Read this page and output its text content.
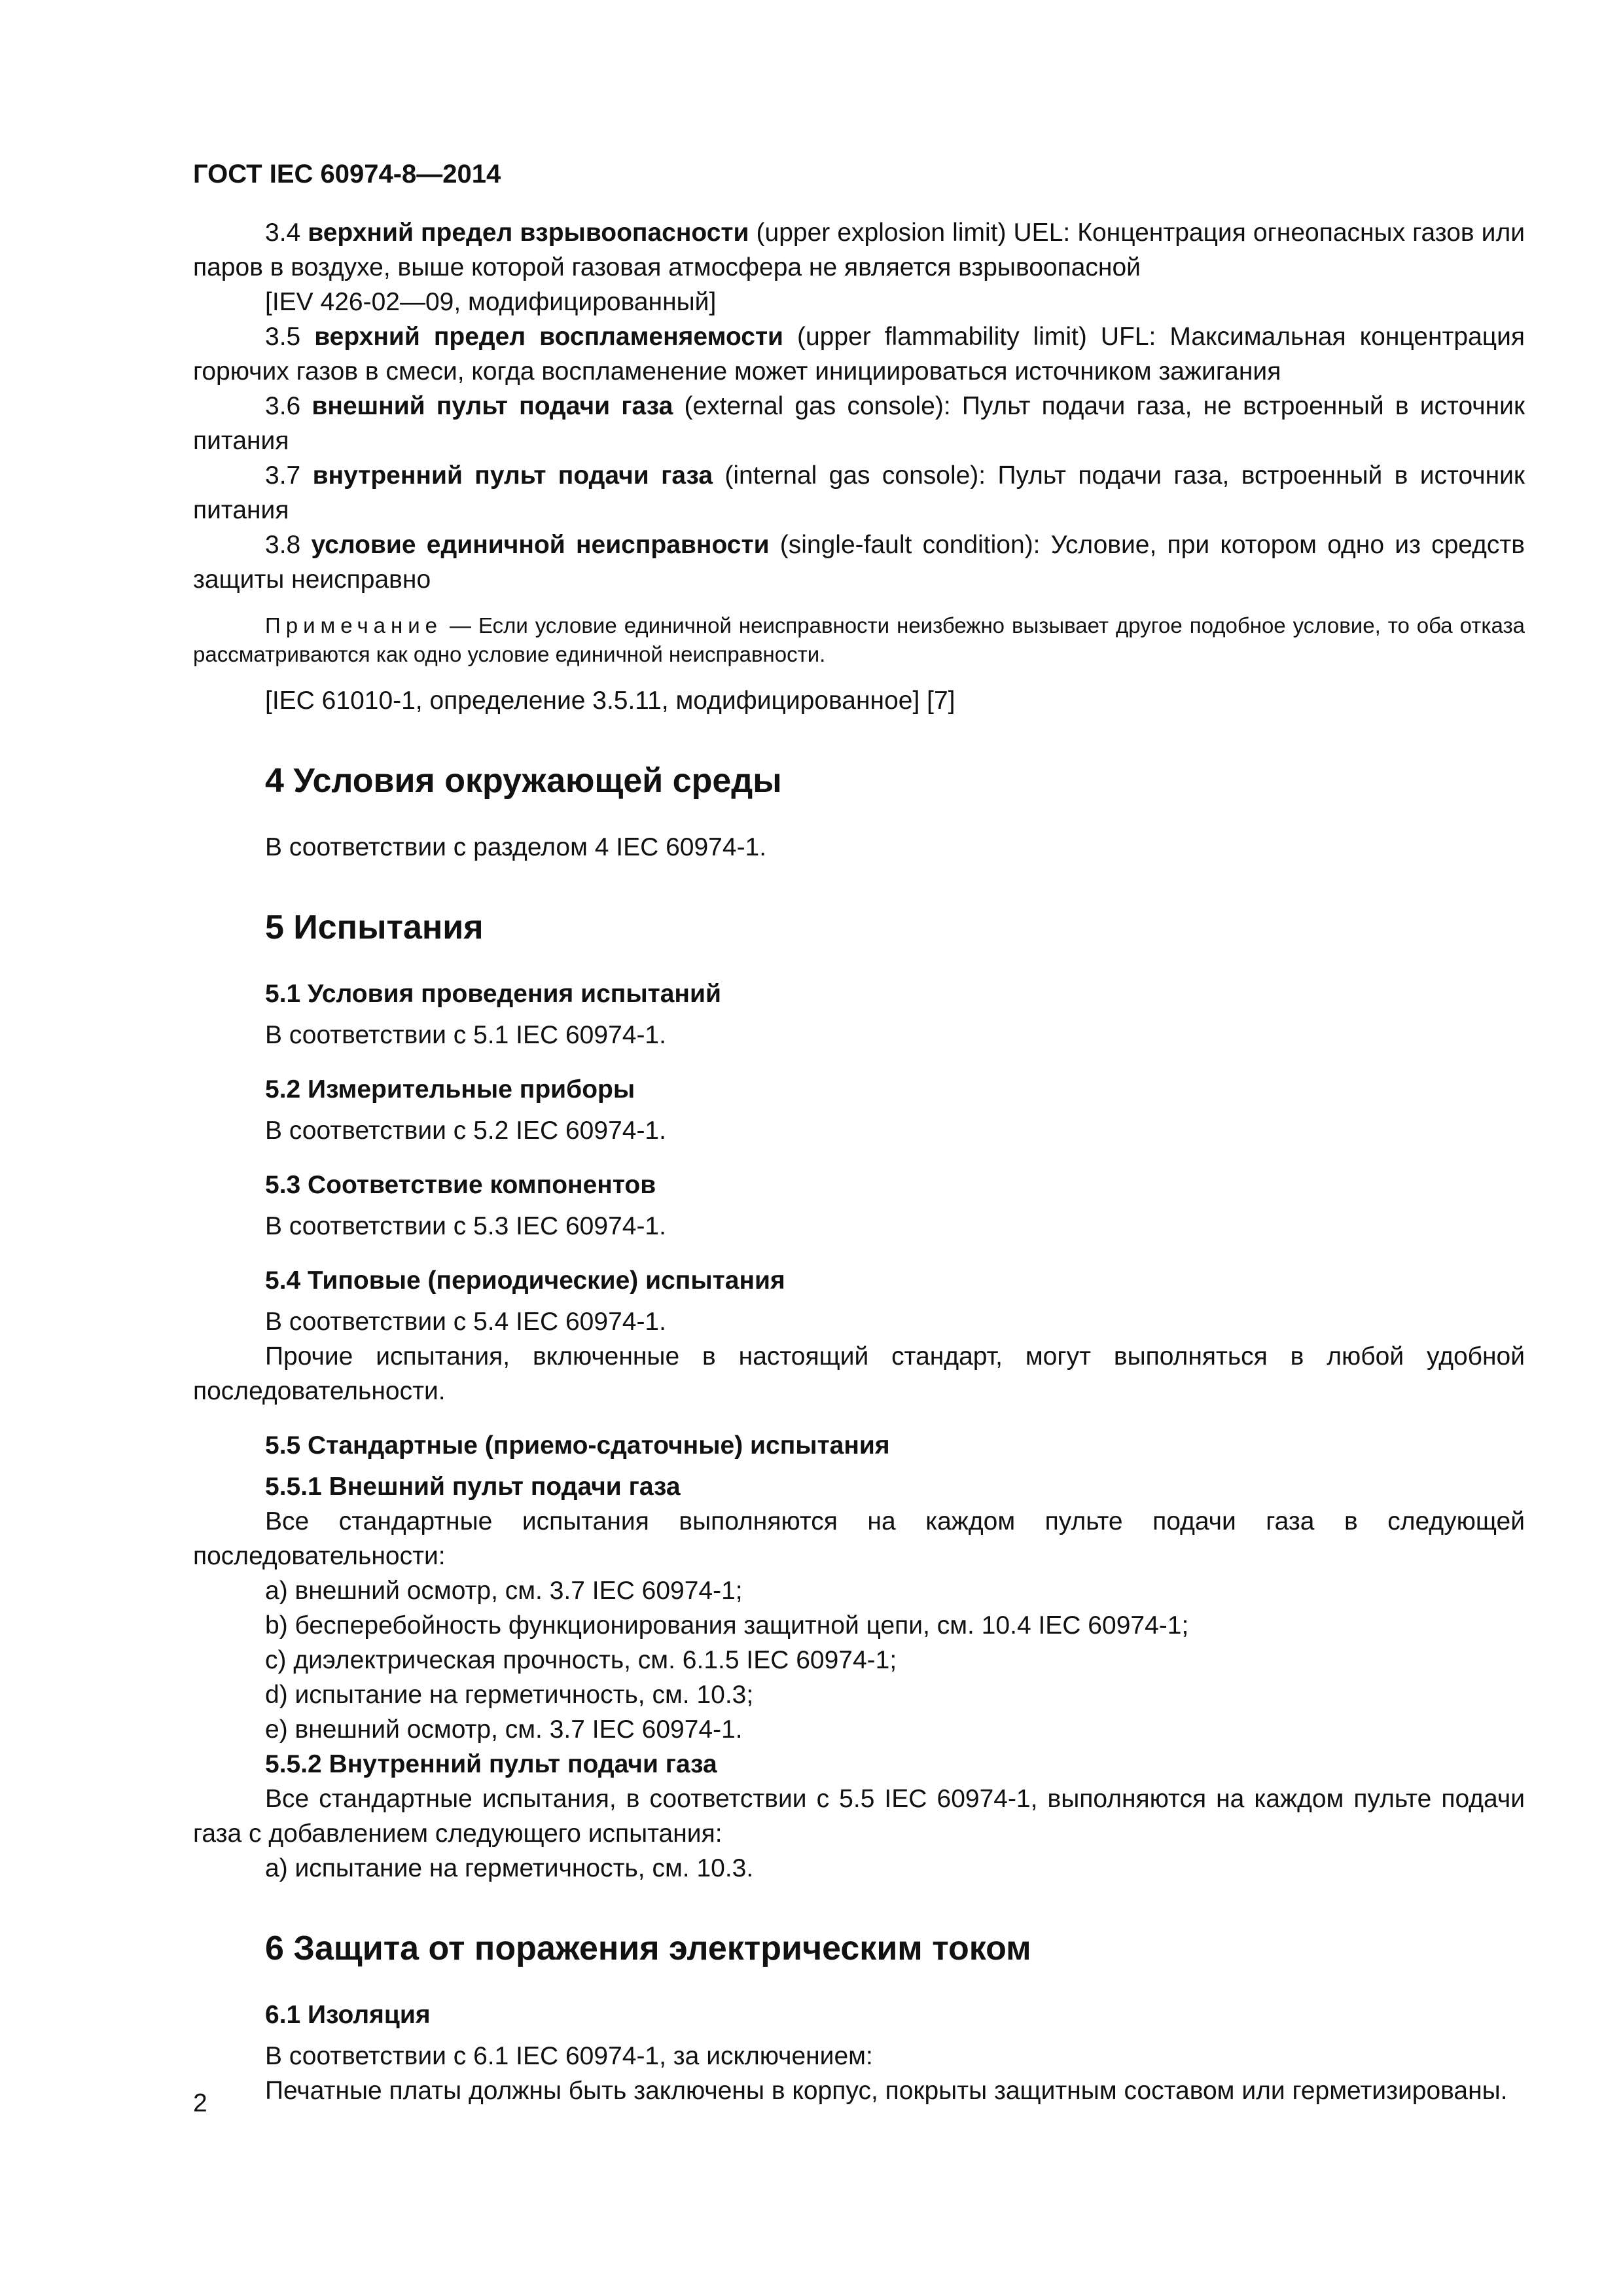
ГОСТ IEC 60974-8—2014

3.4 верхний предел взрывоопасности (upper explosion limit) UEL: Концентрация огнеопасных газов или паров в воздухе, выше которой газовая атмосфера не является взрывоопасной

[IEV 426-02—09, модифицированный]

3.5 верхний предел воспламеняемости (upper flammability limit) UFL: Максимальная концентрация горючих газов в смеси, когда воспламенение может инициироваться источником зажигания

3.6 внешний пульт подачи газа (external gas console): Пульт подачи газа, не встроенный в источник питания

3.7 внутренний пульт подачи газа (internal gas console): Пульт подачи газа, встроенный в источник питания

3.8 условие единичной неисправности (single-fault condition): Условие, при котором одно из средств защиты неисправно

Примечание — Если условие единичной неисправности неизбежно вызывает другое подобное условие, то оба отказа рассматриваются как одно условие единичной неисправности.

[IEC 61010-1, определение 3.5.11, модифицированное] [7]

4 Условия окружающей среды

В соответствии с разделом 4 IEC 60974-1.

5 Испытания
5.1 Условия проведения испытаний

В соответствии с 5.1 IEC 60974-1.

5.2 Измерительные приборы

В соответствии с 5.2 IEC 60974-1.

5.3 Соответствие компонентов

В соответствии с 5.3 IEC 60974-1.

5.4 Типовые (периодические) испытания

В соответствии с 5.4 IEC 60974-1.

Прочие испытания, включенные в настоящий стандарт, могут выполняться в любой удобной последовательности.

5.5 Стандартные (приемо-сдаточные) испытания
5.5.1 Внешний пульт подачи газа

Все стандартные испытания выполняются на каждом пульте подачи газа в следующей последовательности:

a) внешний осмотр, см. 3.7 IEC 60974-1;

b) бесперебойность функционирования защитной цепи, см. 10.4 IEC 60974-1;

c) диэлектрическая прочность, см. 6.1.5 IEC 60974-1;

d) испытание на герметичность, см. 10.3;

e) внешний осмотр, см. 3.7 IEC 60974-1.

5.5.2 Внутренний пульт подачи газа

Все стандартные испытания, в соответствии с 5.5 IEC 60974-1, выполняются на каждом пульте подачи газа с добавлением следующего испытания:

a) испытание на герметичность, см. 10.3.

6 Защита от поражения электрическим током
6.1 Изоляция

В соответствии с 6.1 IEC 60974-1, за исключением:

Печатные платы должны быть заключены в корпус, покрыты защитным составом или герметизированы.

2
